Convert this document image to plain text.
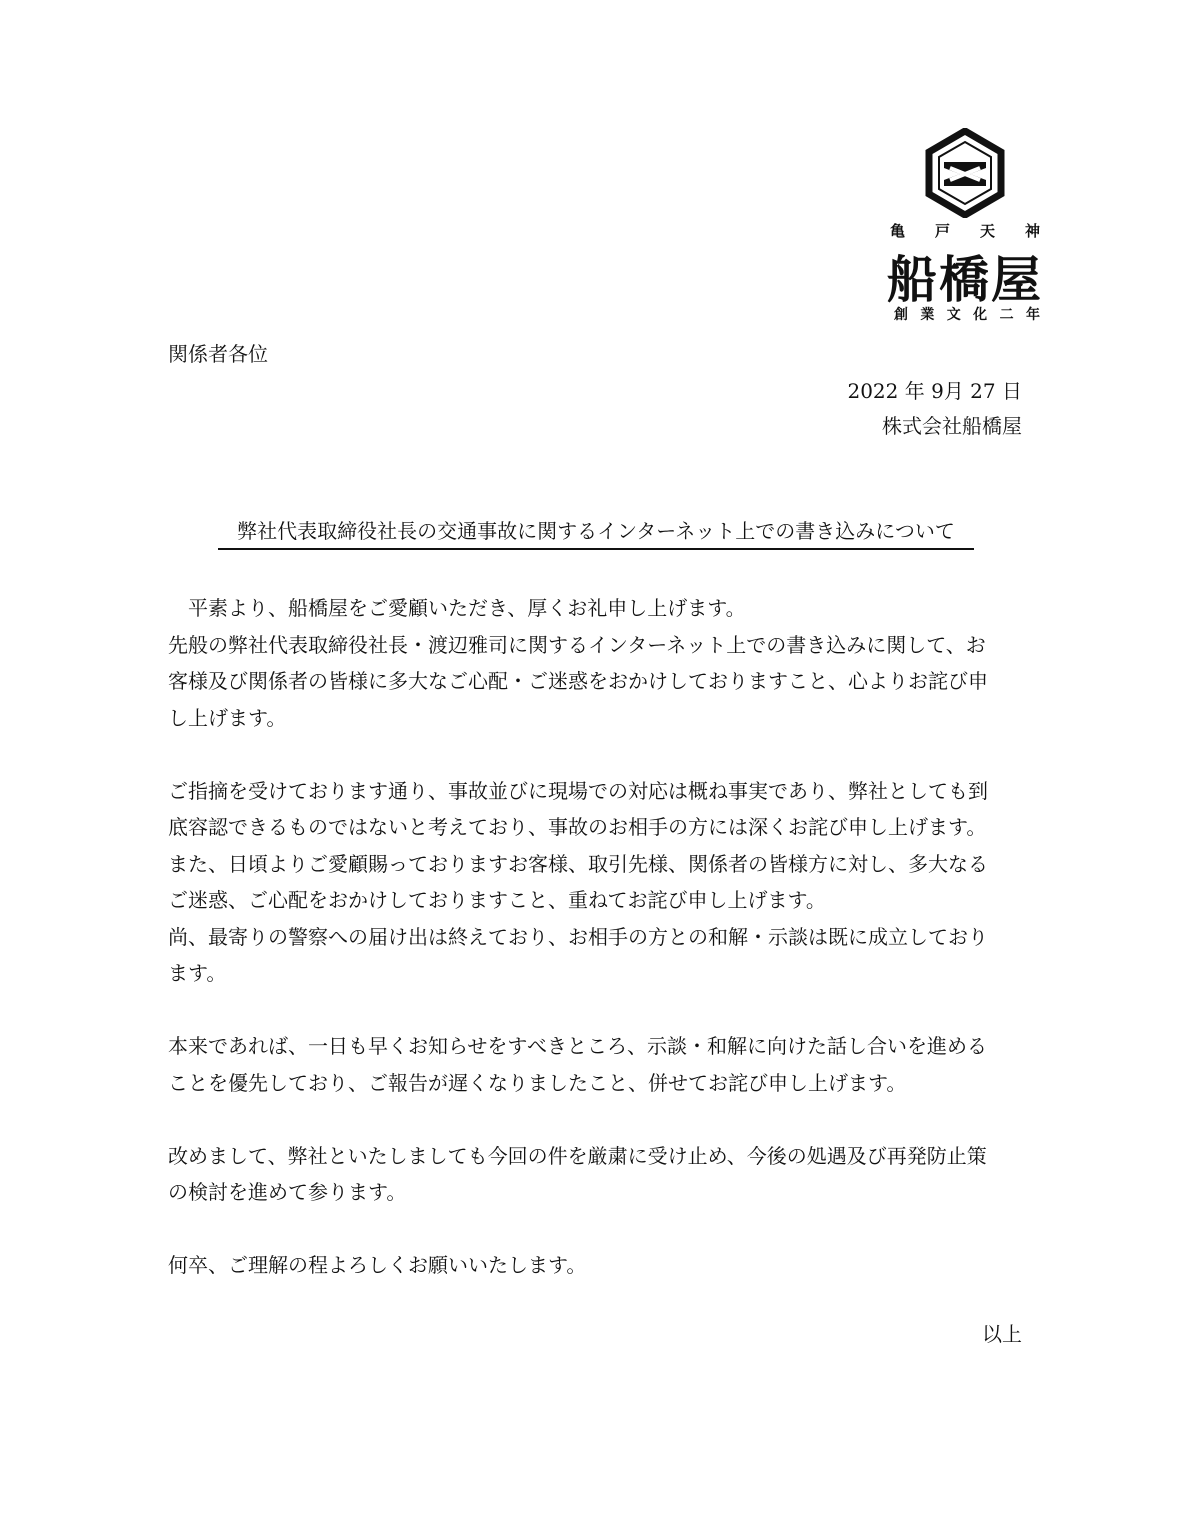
亀 戸 天 神
船橋屋
創 業 文 化 二 年
関係者各位
2022 年 9月 27 日
株式会社船橋屋
弊社代表取締役社長の交通事故に関するインターネット上での書き込みについて

　平素より、船橋屋をご愛顧いただき、厚くお礼申し上げます。
先般の弊社代表取締役社長・渡辺雅司に関するインターネット上での書き込みに関して、お
客様及び関係者の皆様に多大なご心配・ご迷惑をおかけしておりますこと、心よりお詫び申
し上げます。

ご指摘を受けております通り、事故並びに現場での対応は概ね事実であり、弊社としても到
底容認できるものではないと考えており、事故のお相手の方には深くお詫び申し上げます。
また、日頃よりご愛顧賜っておりますお客様、取引先様、関係者の皆様方に対し、多大なる
ご迷惑、ご心配をおかけしておりますこと、重ねてお詫び申し上げます。
尚、最寄りの警察への届け出は終えており、お相手の方との和解・示談は既に成立しており
ます。

本来であれば、一日も早くお知らせをすべきところ、示談・和解に向けた話し合いを進める
ことを優先しており、ご報告が遅くなりましたこと、併せてお詫び申し上げます。

改めまして、弊社といたしましても今回の件を厳粛に受け止め、今後の処遇及び再発防止策
の検討を進めて参ります。

何卒、ご理解の程よろしくお願いいたします。

以上
